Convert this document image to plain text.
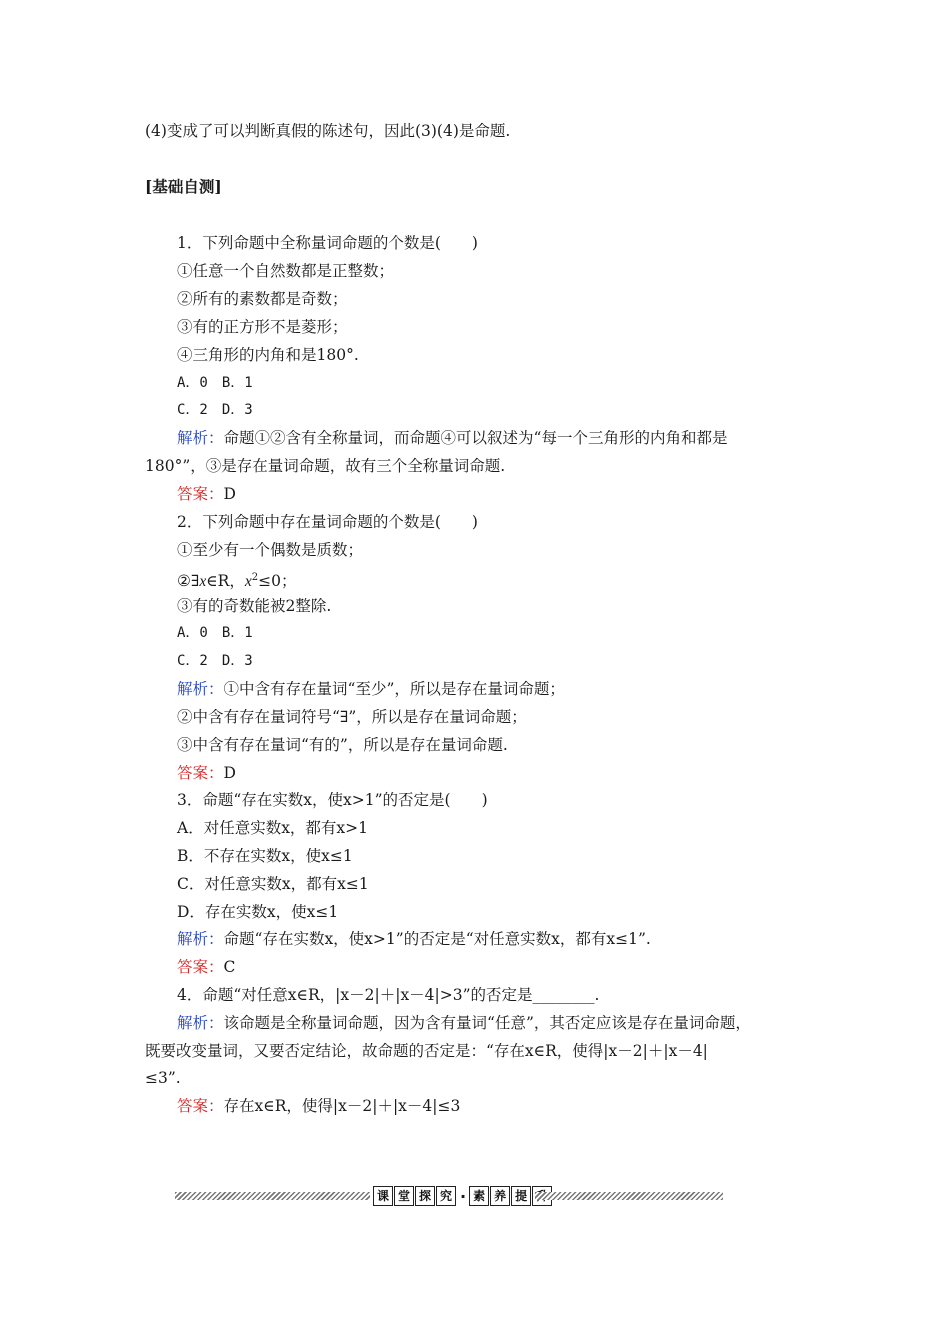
(4)变成了可以判断真假的陈述句，因此(3)(4)是命题.
[基础自测]
1．下列命题中全称量词命题的个数是(　　)
①任意一个自然数都是正整数；
②所有的素数都是奇数；
③有的正方形不是菱形；
④三角形的内角和是180°.
A．0　B．1
C．2　D．3
解析：命题①②含有全称量词，而命题④可以叙述为“每一个三角形的内角和都是
180°”，③是存在量词命题，故有三个全称量词命题.
答案：D
2．下列命题中存在量词命题的个数是(　　)
①至少有一个偶数是质数；
②∃x∈R，$x^2\le 0$；
③有的奇数能被2整除.
A．0　B．1
C．2　D．3
解析：①中含有存在量词“至少”，所以是存在量词命题；
②中含有存在量词符号“∃”，所以是存在量词命题；
③中含有存在量词“有的”，所以是存在量词命题.
答案：D
3．命题“存在实数x，使x>1”的否定是(　　)
A．对任意实数x，都有x>1
B．不存在实数x，使x≤1
C．对任意实数x，都有x≤1
D．存在实数x，使x≤1
解析：命题“存在实数x，使x>1”的否定是“对任意实数x，都有x≤1”.
答案：C
4．命题“对任意x∈R，|x－2|＋|x－4|>3”的否定是________.
解析：该命题是全称量词命题，因为含有量词“任意”，其否定应该是存在量词命题，
既要改变量词，又要否定结论，故命题的否定是：“存在x∈R，使得|x－2|＋|x－4|
≤3”.
答案：存在x∈R，使得|x－2|＋|x－4|≤3
课 堂 探 究 · 素 养 提
